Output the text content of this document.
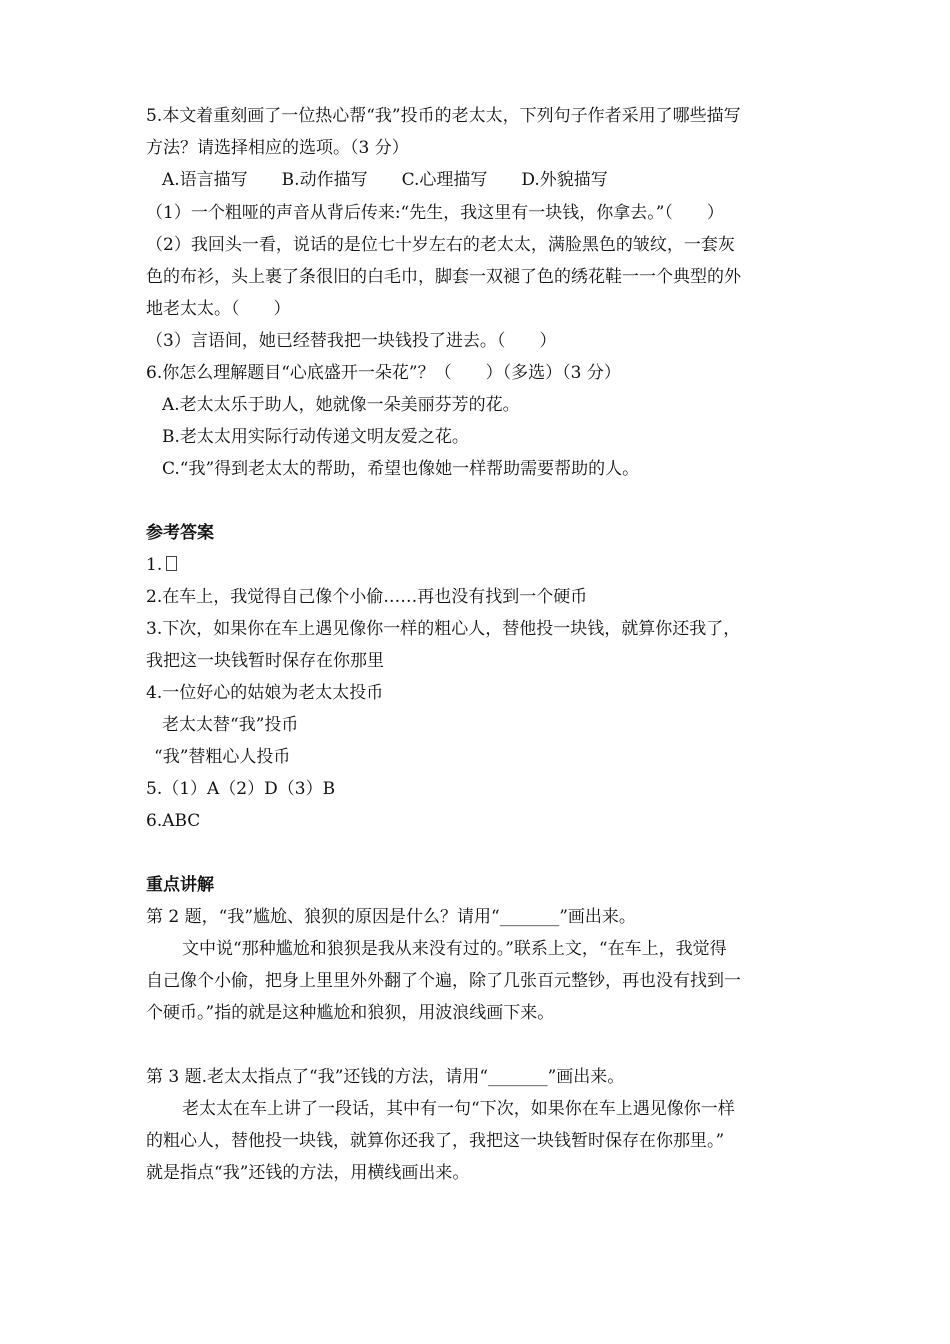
5.本文着重刻画了一位热心帮“我”投币的老太太，下列句子作者采用了哪些描写
方法？请选择相应的选项。（3 分）
A.语言描写　　B.动作描写　　C.心理描写　　D.外貌描写
（1）一个粗哑的声音从背后传来:“先生，我这里有一块钱，你拿去。”（　　）
（2）我回头一看，说话的是位七十岁左右的老太太，满脸黑色的皱纹，一套灰
色的布衫，头上裹了条很旧的白毛巾，脚套一双褪了色的绣花鞋一一个典型的外
地老太太。（　　）
（3）言语间，她已经替我把一块钱投了进去。（　　）
6.你怎么理解题目“心底盛开一朵花”？（　　）（多选）（3 分）
A.老太太乐于助人，她就像一朵美丽芬芳的花。
B.老太太用实际行动传递文明友爱之花。
C.“我”得到老太太的帮助，希望也像她一样帮助需要帮助的人。
参考答案
1.
2.在车上，我觉得自己像个小偷……再也没有找到一个硬币
3.下次，如果你在车上遇见像你一样的粗心人，替他投一块钱，就算你还我了，
我把这一块钱暂时保存在你那里
4.一位好心的姑娘为老太太投币
老太太替“我”投币
“我”替粗心人投币
5.（1）A（2）D（3）B
6.ABC
重点讲解
第 2 题，“我”尴尬、狼狈的原因是什么？请用“_______”画出来。
文中说“那种尴尬和狼狈是我从来没有过的。”联系上文，“在车上，我觉得
自己像个小偷，把身上里里外外翻了个遍，除了几张百元整钞，再也没有找到一
个硬币。”指的就是这种尴尬和狼狈，用波浪线画下来。
第 3 题.老太太指点了“我”还钱的方法，请用“_______”画出来。
老太太在车上讲了一段话，其中有一句“下次，如果你在车上遇见像你一样
的粗心人，替他投一块钱，就算你还我了，我把这一块钱暂时保存在你那里。”
就是指点“我”还钱的方法，用横线画出来。
